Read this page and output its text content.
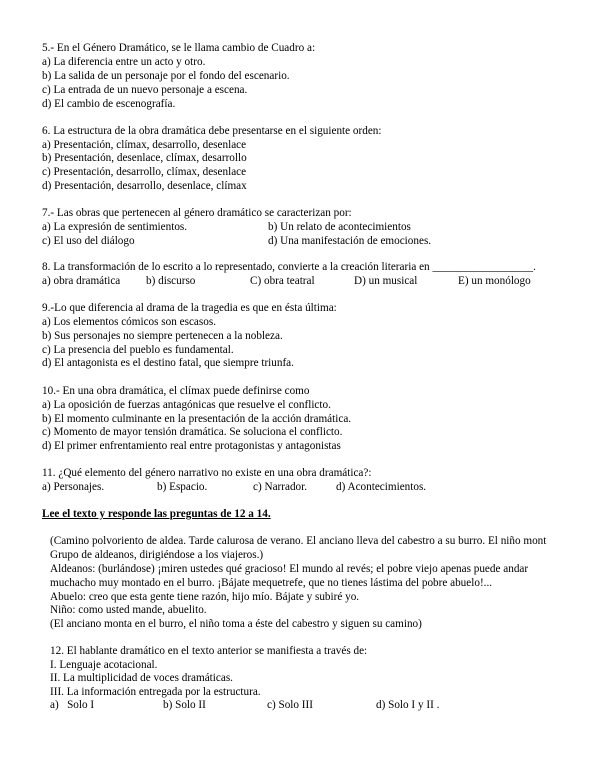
5.- En el Género Dramático, se le llama cambio de Cuadro a:
a) La diferencia entre un acto y otro.
b) La salida de un personaje por el fondo del escenario.
c) La entrada de un nuevo personaje a escena.
d) El cambio de escenografía.
6. La estructura de la obra dramática debe presentarse en el siguiente orden:
a) Presentación, clímax, desarrollo, desenlace
b) Presentación, desenlace, clímax, desarrollo
c) Presentación, desarrollo, clímax, desenlace
d) Presentación, desarrollo, desenlace, clímax
7.- Las obras que pertenecen al género dramático se caracterizan por:
a) La expresión de sentimientos.	b) Un relato de acontecimientos
c) El uso del diálogo	d) Una manifestación de emociones.
8. La transformación de lo escrito a lo representado, convierte a la creación literaria en __________________.
a) obra dramática b) discurso	C) obra teatral	D) un musical	E) un monólogo
9.-Lo que diferencia al drama de la tragedia es que en ésta última:
a) Los elementos cómicos son escasos.
b) Sus personajes no siempre pertenecen a la nobleza.
c) La presencia del pueblo es fundamental.
d) El antagonista es el destino fatal, que siempre triunfa.
10.- En una obra dramática, el clímax puede definirse como
a) La oposición de fuerzas antagónicas que resuelve el conflicto.
b) El momento culminante en la presentación de la acción dramática.
c) Momento de mayor tensión dramática. Se soluciona el conflicto.
d) El primer enfrentamiento real entre protagonistas y antagonistas
11. ¿Qué elemento del género narrativo no existe en una obra dramática?:
a) Personajes.	b) Espacio.	c) Narrador.	d) Acontecimientos.
Lee el texto y responde las preguntas de 12 a 14.
(Camino polvoriento de aldea. Tarde calurosa de verano. El anciano lleva del cabestro a su burro. El niño mont
Grupo de aldeanos, dirigiéndose a los viajeros.)
Aldeanos: (burlándose) ¡miren ustedes qué gracioso! El mundo al revés; el pobre viejo apenas puede andar
muchacho muy montado en el burro. ¡Bájate mequetrefe, que no tienes lástima del pobre abuelo!...
Abuelo: creo que esta gente tiene razón, hijo mío. Bájate y subiré yo.
Niño: como usted mande, abuelito.
(El anciano monta en el burro, el niño toma a éste del cabestro y siguen su camino)
12. El hablante dramático en el texto anterior se manifiesta a través de:
I. Lenguaje acotacional.
II. La multiplicidad de voces dramáticas.
III. La información entregada por la estructura.
a)   Solo I	b) Solo II	c) Solo III	d) Solo I y II .
